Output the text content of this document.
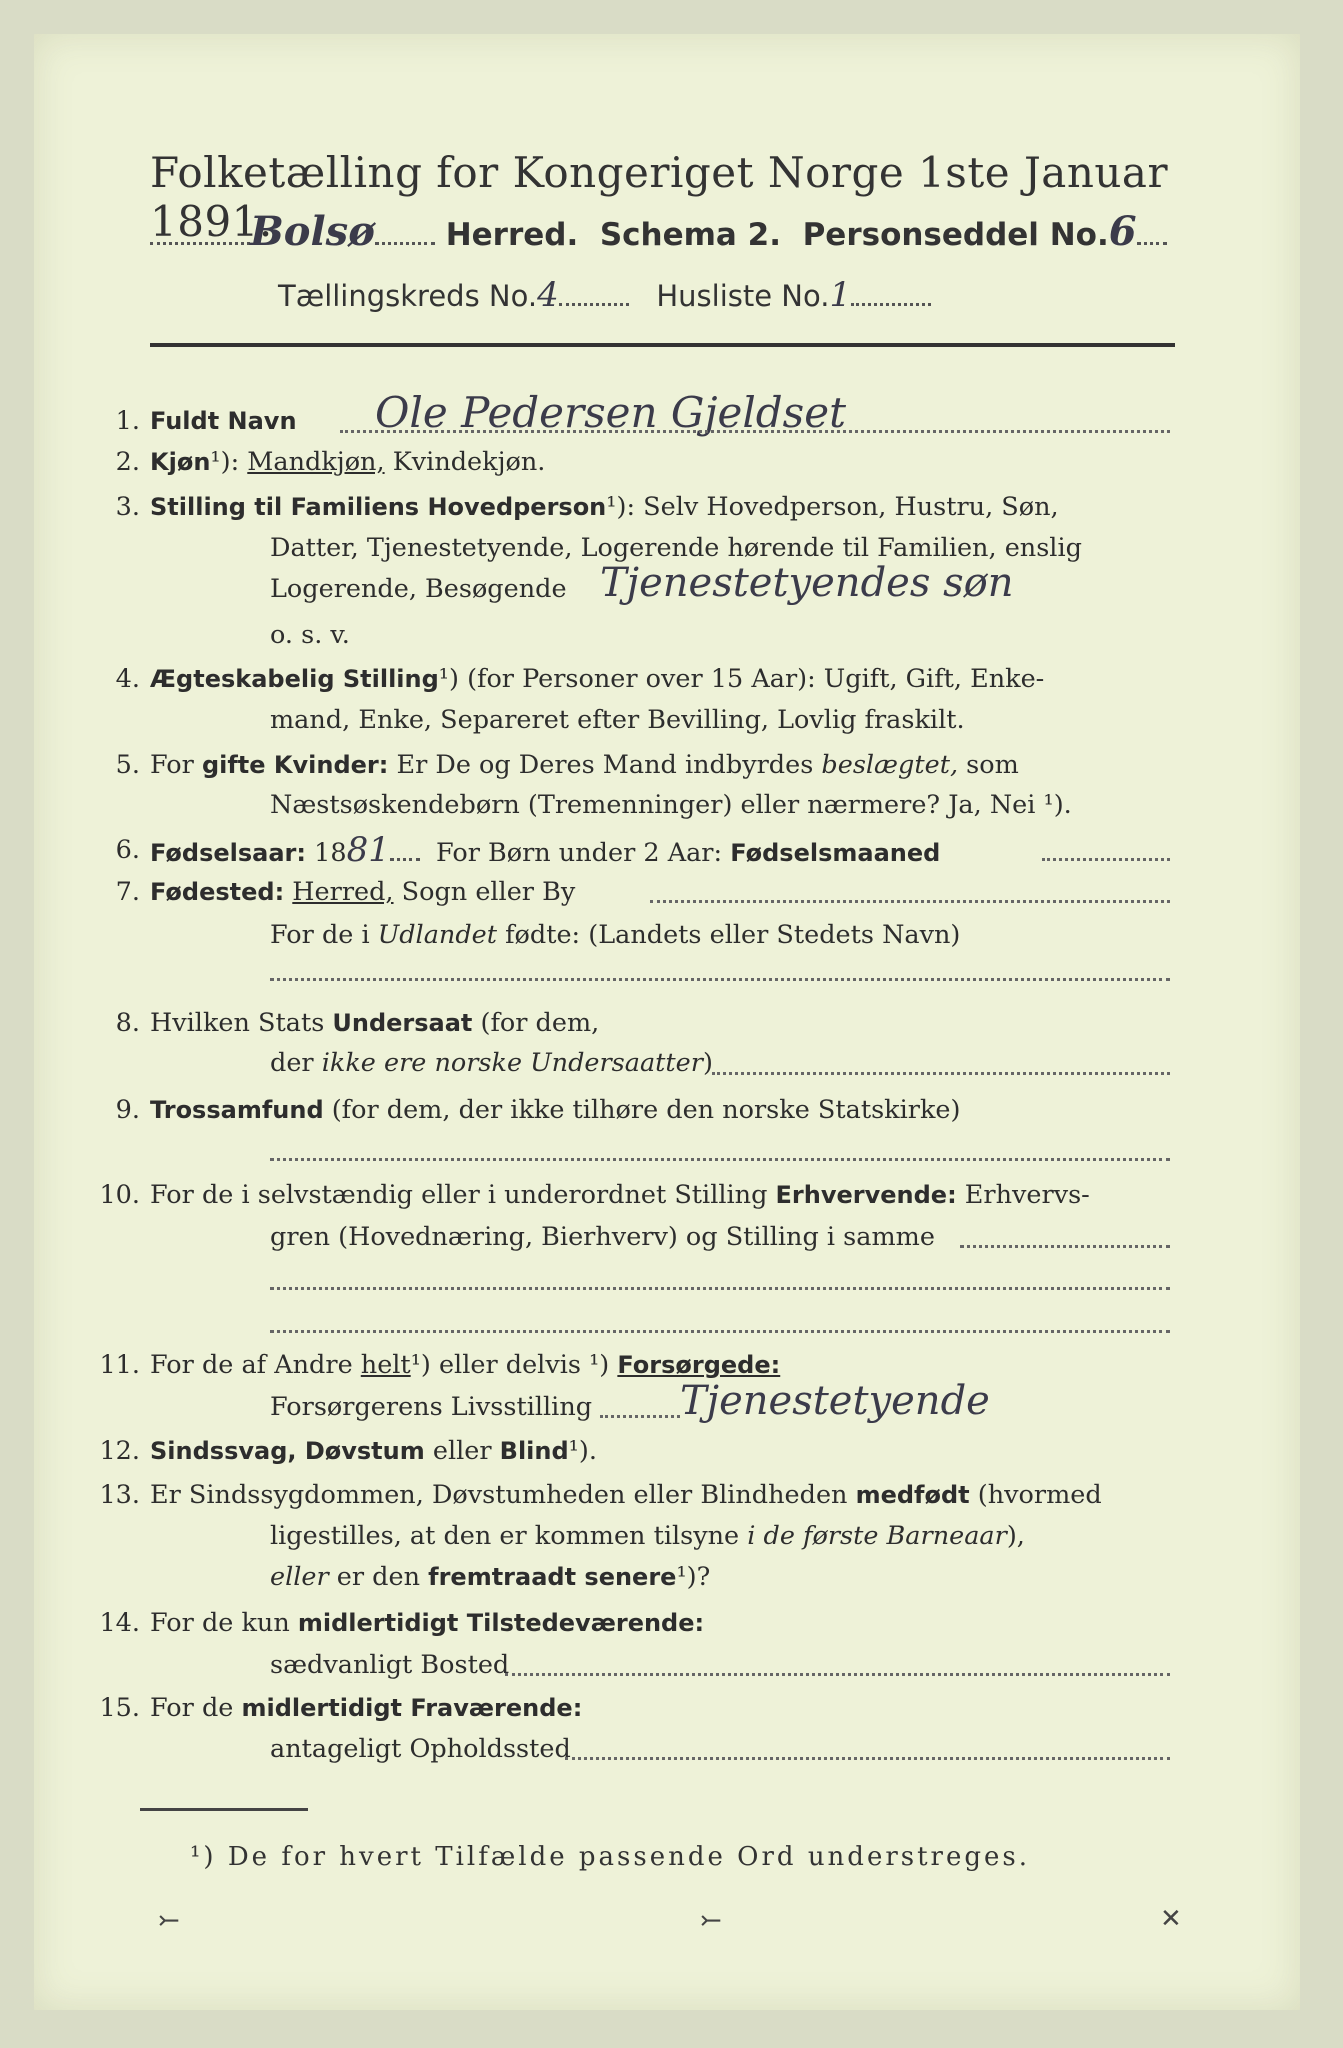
Folketælling for Kongeriget Norge 1ste Januar 1891.
Bolsø Herred. Schema 2. Personseddel No.6
Tællingskreds No.4	Husliste No.1
1. Fuldt Navn Ole Pedersen Gjeldset
2. Kjøn¹): Mandkjøn, Kvindekjøn.
3. Stilling til Familiens Hovedperson¹): Selv Hovedperson, Hustru, Søn,
Datter, Tjenestetyende, Logerende hørende til Familien, enslig
Logerende, Besøgende Tjenestetyendes søn
o. s. v.
4. Ægteskabelig Stilling¹) (for Personer over 15 Aar): Ugift, Gift, Enke-
mand, Enke, Separeret efter Bevilling, Lovlig fraskilt.
5. For gifte Kvinder: Er De og Deres Mand indbyrdes beslægtet, som
Næstsøskendebørn (Tremenninger) eller nærmere? Ja, Nei ¹).
6. Fødselsaar: 1881 For Børn under 2 Aar: Fødselsmaaned
7. Fødested: Herred, Sogn eller By
For de i Udlandet fødte: (Landets eller Stedets Navn)
8. Hvilken Stats Undersaat (for dem,
der ikke ere norske Undersaatter)
9. Trossamfund (for dem, der ikke tilhøre den norske Statskirke)
10. For de i selvstændig eller i underordnet Stilling Erhvervende: Erhvervs-
gren (Hovednæring, Bierhverv) og Stilling i samme
11. For de af Andre helt¹) eller delvis ¹) Forsørgede:
Forsørgerens Livsstilling Tjenestetyende
12. Sindssvag, Døvstum eller Blind¹).
13. Er Sindssygdommen, Døvstumheden eller Blindheden medfødt (hvormed
ligestilles, at den er kommen tilsyne i de første Barneaar),
eller er den fremtraadt senere¹)?
14. For de kun midlertidigt Tilstedeværende:
sædvanligt Bosted
15. For de midlertidigt Fraværende:
antageligt Opholdssted
¹) De for hvert Tilfælde passende Ord understreges.
⤚	⤚	✕
